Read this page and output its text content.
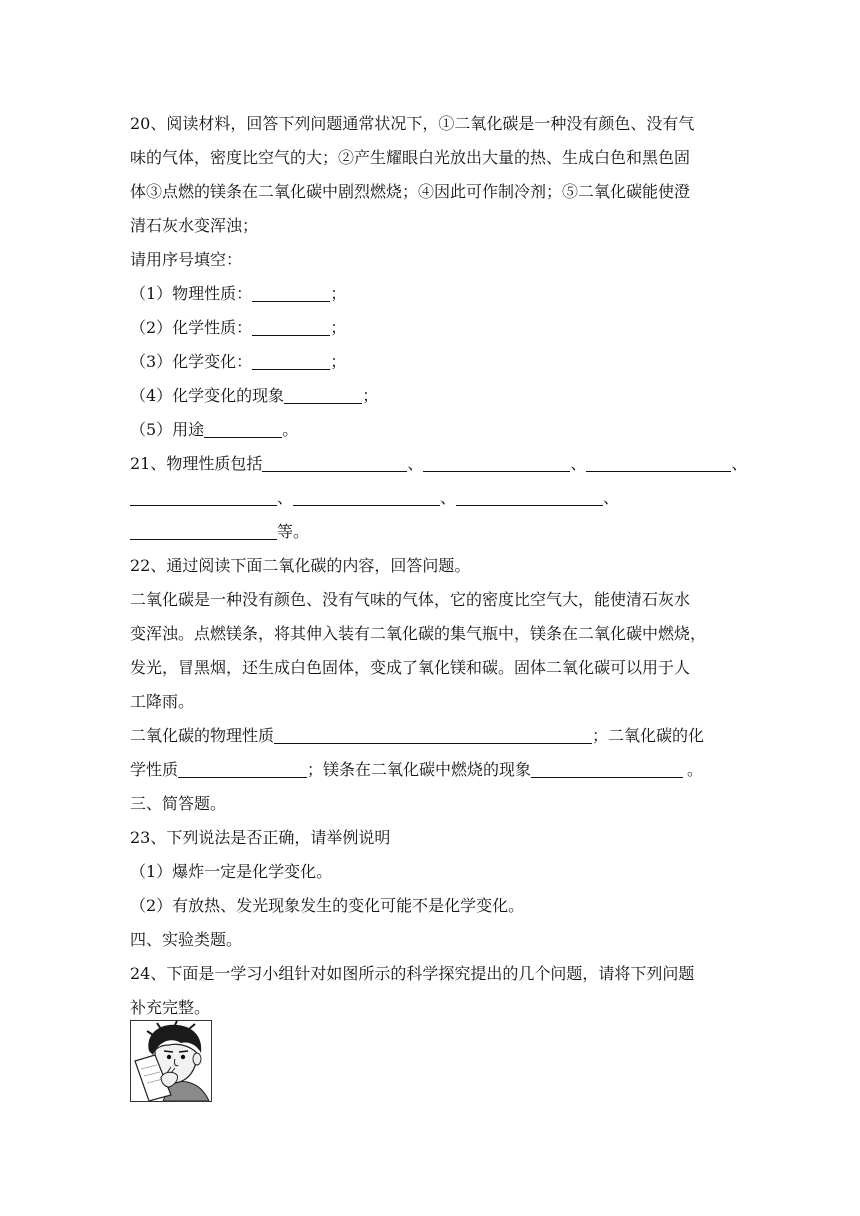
20、阅读材料，回答下列问题通常状况下，①二氧化碳是一种没有颜色、没有气
味的气体，密度比空气的大；②产生耀眼白光放出大量的热、生成白色和黑色固
体③点燃的镁条在二氧化碳中剧烈燃烧；④因此可作制冷剂；⑤二氧化碳能使澄
清石灰水变浑浊；
请用序号填空：
（1）物理性质：	；
（2）化学性质：	；
（3）化学变化：	；
（4）化学变化的现象	；
（5）用途	。
21、物理性质包括	、	、	、
、	、	、
等。
22、通过阅读下面二氧化碳的内容，回答问题。
二氧化碳是一种没有颜色、没有气味的气体，它的密度比空气大，能使清石灰水
变浑浊。点燃镁条，将其伸入装有二氧化碳的集气瓶中，镁条在二氧化碳中燃烧，
发光，冒黑烟，还生成白色固体，变成了氧化镁和碳。固体二氧化碳可以用于人
工降雨。
二氧化碳的物理性质	；二氧化碳的化
学性质	；镁条在二氧化碳中燃烧的现象	。
三、简答题。
23、下列说法是否正确，请举例说明
（1）爆炸一定是化学变化。
（2）有放热、发光现象发生的变化可能不是化学变化。
四、实验类题。
24、下面是一学习小组针对如图所示的科学探究提出的几个问题，请将下列问题
补充完整。
